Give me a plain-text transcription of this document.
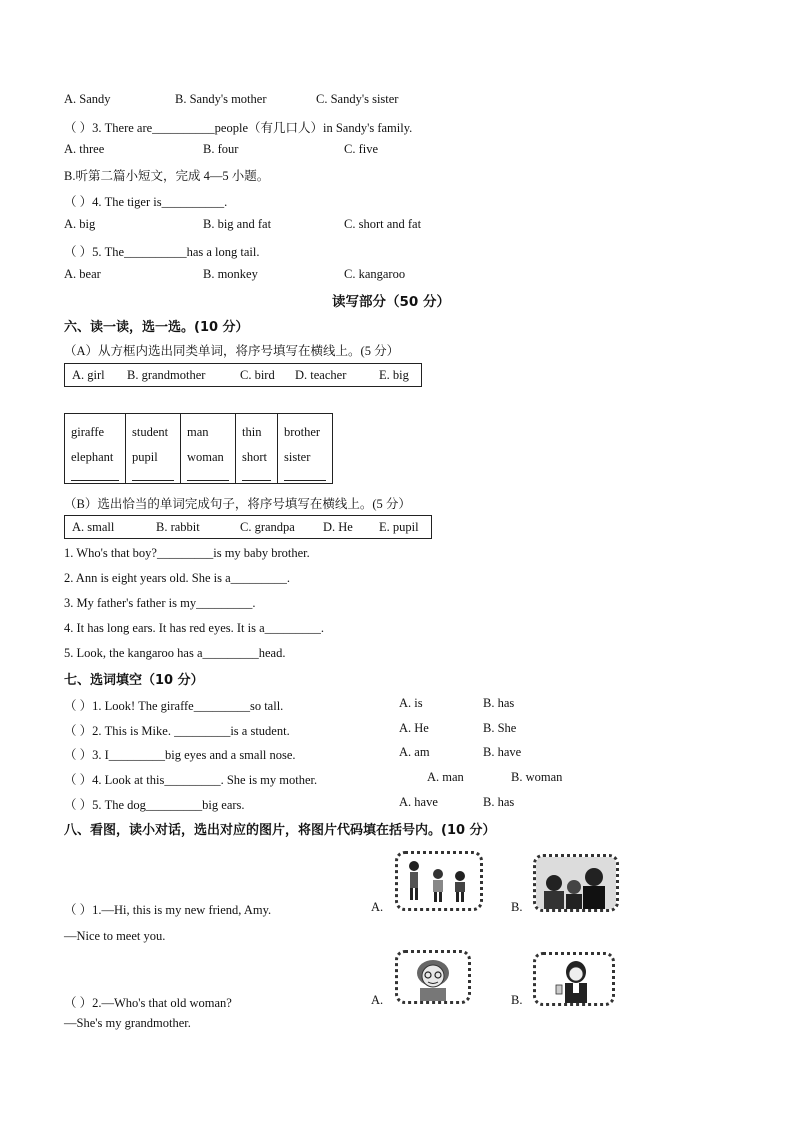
A. Sandy	B. Sandy's mother	C. Sandy's sister
（ ）3. There are__________people（有几口人）in Sandy's family.
A. three	B. four	C. five
B.听第二篇小短文，完成 4—5 小题。
（ ）4. The tiger is__________.
A. big	B. big and fat	C. short and fat
（ ）5. The__________has a long tail.
A. bear	B. monkey	C. kangaroo
读写部分（50 分）
六、读一读，选一选。(10 分）
（A）从方框内选出同类单词，将序号填写在横线上。(5 分）
A. girl B. grandmother	C. bird D. teacher	E. big
giraffe
elephant
	student
pupil
	man
woman
	thin
short
	brother
sister
（B）选出恰当的单词完成句子，将序号填写在横线上。(5 分）
A. small	B. rabbit	C. grandpa D. He E. pupil
1. Who's that boy?_________is my baby brother.
2. Ann is eight years old. She is a_________.
3. My father's father is my_________.
4. It has long ears. It has red eyes. It is a_________.
5. Look, the kangaroo has a_________head.
七、选词填空（10 分）
（ ）1. Look! The giraffe_________so tall.	A. is	B. has
（ ）2. This is Mike. _________is a student.	A. He	B. She
（ ）3. I_________big eyes and a small nose.	A. am	B. have
（ ）4. Look at this_________. She is my mother.	A. man	B. woman
（ ）5. The dog_________big ears.	A. have	B. has
八、看图，读小对话，选出对应的图片，将图片代码填在括号内。(10 分）
（ ）1.—Hi, this is my new friend, Amy.
—Nice to meet you.
A.	B.
（ ）2.—Who's that old woman?
—She's my grandmother.
A.	B.
